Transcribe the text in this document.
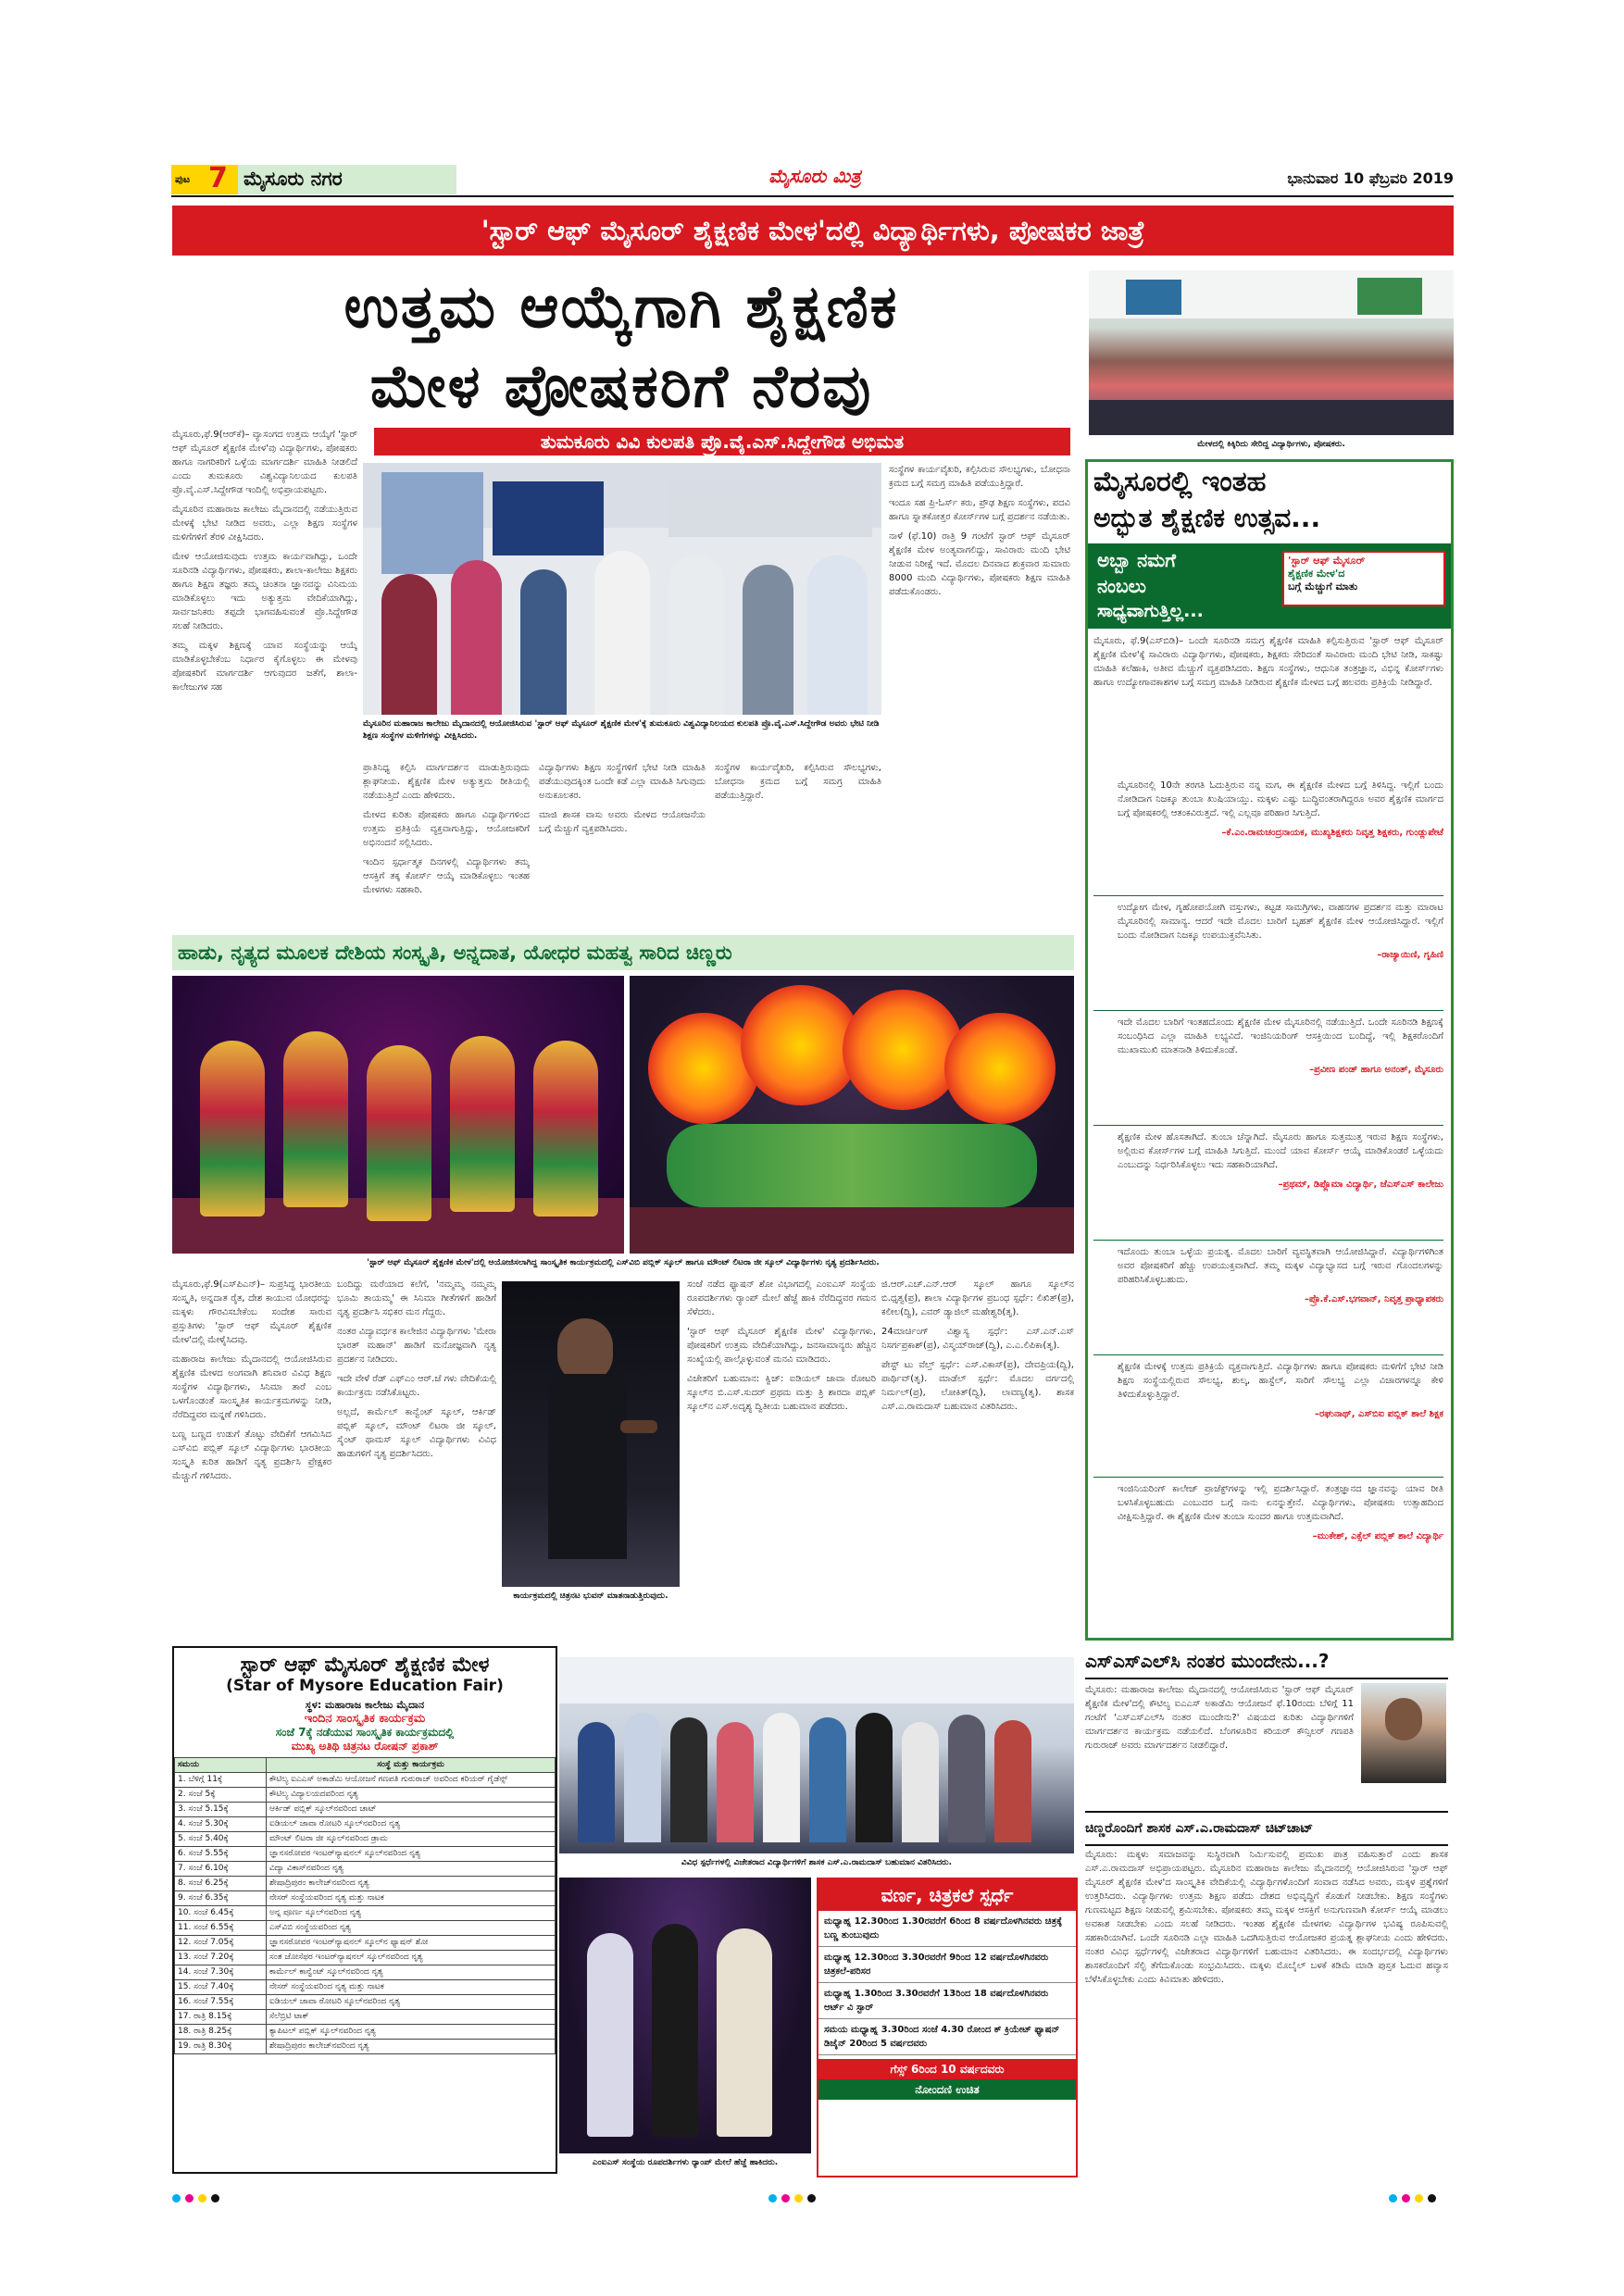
ಪುಟ 7 ಮೈಸೂರು ನಗರ	ಮೈಸೂರು ಮಿತ್ರ	ಭಾನುವಾರ 10 ಫೆಬ್ರವರಿ 2019
'ಸ್ಟಾರ್ ಆಫ್ ಮೈಸೂರ್ ಶೈಕ್ಷಣಿಕ ಮೇಳ'ದಲ್ಲಿ ವಿದ್ಯಾರ್ಥಿಗಳು, ಪೋಷಕರ ಜಾತ್ರೆ
ಉತ್ತಮ ಆಯ್ಕೆಗಾಗಿ ಶೈಕ್ಷಣಿಕ
ಮೇಳ ಪೋಷಕರಿಗೆ ನೆರವು
ಮೇಳದಲ್ಲಿ ಕಿಕ್ಕಿರಿದು ಸೇರಿದ್ದ ವಿದ್ಯಾರ್ಥಿಗಳು, ಪೋಷಕರು.
ತುಮಕೂರು ವಿವಿ ಕುಲಪತಿ ಪ್ರೊ.ವೈ.ಎಸ್.ಸಿದ್ದೇಗೌಡ ಅಭಿಮತ

ಮೈಸೂರು,ಫೆ.9(ಆರ್‌ಕೆ)– ವ್ಯಾಸಂಗದ ಉತ್ತಮ ಆಯ್ಕೆಗೆ 'ಸ್ಟಾರ್ ಆಫ್ ಮೈಸೂರ್ ಶೈಕ್ಷಣಿಕ ಮೇಳ'ವು ವಿದ್ಯಾರ್ಥಿಗಳು, ಪೋಷಕರು ಹಾಗೂ ನಾಗರಿಕರಿಗೆ ಒಳ್ಳೆಯ ಮಾರ್ಗದರ್ಶಿ ಮಾಹಿತಿ ನೀಡಲಿದೆ ಎಂದು ತುಮಕೂರು ವಿಶ್ವವಿದ್ಯಾನಿಲಯದ ಕುಲಪತಿ ಪ್ರೊ.ವೈ.ಎಸ್.ಸಿದ್ದೇಗೌಡ ಇಂದಿಲ್ಲಿ ಅಭಿಪ್ರಾಯಪಟ್ಟರು.

ಮೈಸೂರಿನ ಮಹಾರಾಜ ಕಾಲೇಜು ಮೈದಾನದಲ್ಲಿ ನಡೆಯುತ್ತಿರುವ ಮೇಳಕ್ಕೆ ಭೇಟಿ ನೀಡಿದ ಅವರು, ಎಲ್ಲಾ ಶಿಕ್ಷಣ ಸಂಸ್ಥೆಗಳ ಮಳಿಗೆಗಳಿಗೆ ತೆರಳಿ ವೀಕ್ಷಿಸಿದರು.

ಮೇಳ ಆಯೋಜಿಸುವುದು ಉತ್ತಮ ಕಾರ್ಯವಾಗಿದ್ದು, ಒಂದೇ ಸೂರಿನಡಿ ವಿದ್ಯಾರ್ಥಿಗಳು, ಪೋಷಕರು, ಶಾಲಾ-ಕಾಲೇಜು ಶಿಕ್ಷಕರು ಹಾಗೂ ಶಿಕ್ಷಣ ತಜ್ಞರು ತಮ್ಮ ಚಿಂತನಾ ಜ್ಞಾನವನ್ನು ವಿನಿಮಯ ಮಾಡಿಕೊಳ್ಳಲು ಇದು ಅತ್ಯುತ್ತಮ ವೇದಿಕೆಯಾಗಿದ್ದು, ಸಾರ್ವಜನಿಕರು ತಪ್ಪದೇ ಭಾಗವಹಿಸುವಂತೆ ಪ್ರೊ.ಸಿದ್ದೇಗೌಡ ಸಲಹೆ ನೀಡಿದರು.

ತಮ್ಮ ಮಕ್ಕಳ ಶಿಕ್ಷಣಕ್ಕೆ ಯಾವ ಸಂಸ್ಥೆಯನ್ನು ಆಯ್ಕೆ ಮಾಡಿಕೊಳ್ಳಬೇಕೆಂಬ ನಿರ್ಧಾರ ಕೈಗೊಳ್ಳಲು ಈ ಮೇಳವು ಪೋಷಕರಿಗೆ ಮಾರ್ಗದರ್ಶಿ ಆಗುವುದರ ಜತೆಗೆ, ಶಾಲಾ-ಕಾಲೇಜುಗಳ ಸಹ

ಮೈಸೂರಿನ ಮಹಾರಾಜ ಕಾಲೇಜು ಮೈದಾನದಲ್ಲಿ ಆಯೋಜಿಸಿರುವ 'ಸ್ಟಾರ್ ಆಫ್ ಮೈಸೂರ್ ಶೈಕ್ಷಣಿಕ ಮೇಳ'ಕ್ಕೆ ತುಮಕೂರು ವಿಶ್ವವಿದ್ಯಾನಿಲಯದ ಕುಲಪತಿ ಪ್ರೊ.ವೈ.ಎಸ್.ಸಿದ್ದೇಗೌಡ ಅವರು ಭೇಟಿ ನೀಡಿ ಶಿಕ್ಷಣ ಸಂಸ್ಥೆಗಳ ಮಳಿಗೆಗಳನ್ನು ವೀಕ್ಷಿಸಿದರು.

ಪ್ರಾತಿನಿಧ್ಯ ಕಲ್ಪಿಸಿ ಮಾರ್ಗದರ್ಶನ ಮಾಡುತ್ತಿರುವುದು ಶ್ಲಾಘನೀಯ. ಶೈಕ್ಷಣಿಕ ಮೇಳ ಅತ್ಯುತ್ತಮ ರೀತಿಯಲ್ಲಿ ನಡೆಯುತ್ತಿದೆ ಎಂದು ಹೇಳಿದರು.

ಮೇಳದ ಕುರಿತು ಪೋಷಕರು ಹಾಗೂ ವಿದ್ಯಾರ್ಥಿಗಳಿಂದ ಉತ್ತಮ ಪ್ರತಿಕ್ರಿಯೆ ವ್ಯಕ್ತವಾಗುತ್ತಿದ್ದು, ಆಯೋಜಕರಿಗೆ ಅಭಿನಂದನೆ ಸಲ್ಲಿಸಿದರು.

ಇಂದಿನ ಸ್ಪರ್ಧಾತ್ಮಕ ದಿನಗಳಲ್ಲಿ ವಿದ್ಯಾರ್ಥಿಗಳು ತಮ್ಮ ಆಸಕ್ತಿಗೆ ತಕ್ಕ ಕೋರ್ಸ್ ಆಯ್ಕೆ ಮಾಡಿಕೊಳ್ಳಲು ಇಂತಹ ಮೇಳಗಳು ಸಹಕಾರಿ.

ವಿದ್ಯಾರ್ಥಿಗಳು ಶಿಕ್ಷಣ ಸಂಸ್ಥೆಗಳಿಗೆ ಭೇಟಿ ನೀಡಿ ಮಾಹಿತಿ ಪಡೆಯುವುದಕ್ಕಿಂತ ಒಂದೇ ಕಡೆ ಎಲ್ಲಾ ಮಾಹಿತಿ ಸಿಗುವುದು ಅನುಕೂಲಕರ.

ಮಾಜಿ ಶಾಸಕ ವಾಸು ಅವರು ಮೇಳದ ಆಯೋಜನೆಯ ಬಗ್ಗೆ ಮೆಚ್ಚುಗೆ ವ್ಯಕ್ತಪಡಿಸಿದರು.

ಸಂಸ್ಥೆಗಳ ಕಾರ್ಯವೈಖರಿ, ಕಲ್ಪಿಸಿರುವ ಸೌಲಭ್ಯಗಳು, ಬೋಧನಾ ಕ್ರಮದ ಬಗ್ಗೆ ಸಮಗ್ರ ಮಾಹಿತಿ ಪಡೆಯುತ್ತಿದ್ದಾರೆ.

ಸಂಸ್ಥೆಗಳ ಕಾರ್ಯವೈಖರಿ, ಕಲ್ಪಿಸಿರುವ ಸೌಲಭ್ಯಗಳು, ಬೋಧನಾ ಕ್ರಮದ ಬಗ್ಗೆ ಸಮಗ್ರ ಮಾಹಿತಿ ಪಡೆಯುತ್ತಿದ್ದಾರೆ.

ಇಂದೂ ಸಹ ಪ್ರಿ-ಓರ್ಸ್ ಕರು, ಪ್ರೌಢ ಶಿಕ್ಷಣ ಸಂಸ್ಥೆಗಳು, ಪದವಿ ಹಾಗೂ ಸ್ನಾತಕೋತ್ತರ ಕೋರ್ಸ್‌ಗಳ ಬಗ್ಗೆ ಪ್ರದರ್ಶನ ನಡೆಯಿತು.

ನಾಳೆ (ಫೆ.10) ರಾತ್ರಿ 9 ಗಂಟೆಗೆ ಸ್ಟಾರ್ ಆಫ್ ಮೈಸೂರ್ ಶೈಕ್ಷಣಿಕ ಮೇಳ ಅಂತ್ಯವಾಗಲಿದ್ದು, ಸಾವಿರಾರು ಮಂದಿ ಭೇಟಿ ನೀಡುವ ನಿರೀಕ್ಷೆ ಇದೆ. ಮೊದಲ ದಿನವಾದ ಶುಕ್ರವಾರ ಸುಮಾರು 8000 ಮಂದಿ ವಿದ್ಯಾರ್ಥಿಗಳು, ಪೋಷಕರು ಶಿಕ್ಷಣ ಮಾಹಿತಿ ಪಡೆದುಕೊಂಡರು.

ಮೈಸೂರಲ್ಲಿ ಇಂತಹ
ಅದ್ಭುತ ಶೈಕ್ಷಣಿಕ ಉತ್ಸವ...
ಅಬ್ಬಾ ನಮಗೆ
ನಂಬಲು
ಸಾಧ್ಯವಾಗುತ್ತಿಲ್ಲ...
'ಸ್ಟಾರ್ ಆಫ್ ಮೈಸೂರ್
ಶೈಕ್ಷಣಿಕ ಮೇಳ'ದ
ಬಗ್ಗೆ ಮೆಚ್ಚುಗೆ ಮಾತು

ಮೈಸೂರು, ಫೆ.9(ಎಸ್‌ಬಿಡಿ)– ಒಂದೇ ಸೂರಿನಡಿ ಸಮಗ್ರ ಶೈಕ್ಷಣಿಕ ಮಾಹಿತಿ ಕಲ್ಪಿಸುತ್ತಿರುವ 'ಸ್ಟಾರ್ ಆಫ್ ಮೈಸೂರ್ ಶೈಕ್ಷಣಿಕ ಮೇಳ'ಕ್ಕೆ ಸಾವಿರಾರು ವಿದ್ಯಾರ್ಥಿಗಳು, ಪೋಷಕರು, ಶಿಕ್ಷಕರು ಸೇರಿದಂತೆ ಸಾವಿರಾರು ಮಂದಿ ಭೇಟಿ ನೀಡಿ, ಸಾಕಷ್ಟು ಮಾಹಿತಿ ಕಲೆಹಾಕಿ, ಅತೀವ ಮೆಚ್ಚುಗೆ ವ್ಯಕ್ತಪಡಿಸಿದರು. ಶಿಕ್ಷಣ ಸಂಸ್ಥೆಗಳು, ಆಧುನಿಕ ತಂತ್ರಜ್ಞಾನ, ವಿಭಿನ್ನ ಕೋರ್ಸ್‌ಗಳು ಹಾಗೂ ಉದ್ಯೋಗಾವಕಾಶಗಳ ಬಗ್ಗೆ ಸಮಗ್ರ ಮಾಹಿತಿ ನೀಡಿರುವ ಶೈಕ್ಷಣಿಕ ಮೇಳದ ಬಗ್ಗೆ ಹಲವರು ಪ್ರತಿಕ್ರಿಯೆ ನೀಡಿದ್ದಾರೆ.

ಮೈಸೂರಿನಲ್ಲಿ 10ನೇ ತರಗತಿ ಓದುತ್ತಿರುವ ನನ್ನ ಮಗ, ಈ ಶೈಕ್ಷಣಿಕ ಮೇಳದ ಬಗ್ಗೆ ತಿಳಿಸಿದ್ದ. ಇಲ್ಲಿಗೆ ಬಂದು ನೋಡಿದಾಗ ನಿಜಕ್ಕೂ ತುಂಬಾ ಖುಷಿಯಾಯ್ತು. ಮಕ್ಕಳು ಎಷ್ಟು ಬುದ್ಧಿವಂತರಾಗಿದ್ದರೂ ಅವರ ಶೈಕ್ಷಣಿಕ ಮಾರ್ಗದ ಬಗ್ಗೆ ಪೋಷಕರಲ್ಲಿ ಆತಂಕವಿರುತ್ತದೆ. ಇಲ್ಲಿ ಎಲ್ಲವೂ ಪರಿಹಾರ ಸಿಗುತ್ತಿದೆ.

–ಕೆ.ಎಂ.ರಾಮಚಂದ್ರನಾಯಕ, ಮುಖ್ಯಶಿಕ್ಷಕರು ನಿವೃತ್ತ ಶಿಕ್ಷಕರು, ಗುಂಡ್ಲುಪೇಟೆ

ಉದ್ಯೋಗ ಮೇಳ, ಗೃಹೋಪಯೋಗಿ ವಸ್ತುಗಳು, ಕಟ್ಟಡ ಸಾಮಗ್ರಿಗಳು, ವಾಹನಗಳ ಪ್ರದರ್ಶನ ಮತ್ತು ಮಾರಾಟ ಮೈಸೂರಿನಲ್ಲಿ ಸಾಮಾನ್ಯ. ಆದರೆ ಇದೇ ಮೊದಲ ಬಾರಿಗೆ ಬೃಹತ್ ಶೈಕ್ಷಣಿಕ ಮೇಳ ಆಯೋಜಿಸಿದ್ದಾರೆ. ಇಲ್ಲಿಗೆ ಬಂದು ನೋಡಿದಾಗ ನಿಜಕ್ಕೂ ಉಪಯುಕ್ತವೆನಿಸಿತು.

–ರಾಜ್ಯಾಯಿಣಿ, ಗೃಹಿಣಿ

ಇದೇ ಮೊದಲ ಬಾರಿಗೆ ಇಂತಹದೊಂದು ಶೈಕ್ಷಣಿಕ ಮೇಳ ಮೈಸೂರಿನಲ್ಲಿ ನಡೆಯುತ್ತಿದೆ. ಒಂದೇ ಸೂರಿನಡಿ ಶಿಕ್ಷಣಕ್ಕೆ ಸಂಬಂಧಿಸಿದ ಎಲ್ಲಾ ಮಾಹಿತಿ ಲಭ್ಯವಿದೆ. ಇಂಜಿನಿಯರಿಂಗ್ ಆಸಕ್ತಿಯಿಂದ ಬಂದಿದ್ದೆ, ಇಲ್ಲಿ ಶಿಕ್ಷಕರೊಂದಿಗೆ ಮುಖಾಮುಖಿ ಮಾತನಾಡಿ ತಿಳಿದುಕೊಂಡೆ.

–ಪ್ರವೀಣ ಪಂಡ್ ಹಾಗೂ ಅನಂತ್, ಮೈಸೂರು

ಶೈಕ್ಷಣಿಕ ಮೇಳ ಹೊಸತಾಗಿದೆ. ತುಂಬಾ ಚೆನ್ನಾಗಿದೆ. ಮೈಸೂರು ಹಾಗೂ ಸುತ್ತಮುತ್ತ ಇರುವ ಶಿಕ್ಷಣ ಸಂಸ್ಥೆಗಳು, ಅಲ್ಲಿರುವ ಕೋರ್ಸ್‌ಗಳ ಬಗ್ಗೆ ಮಾಹಿತಿ ಸಿಗುತ್ತಿದೆ. ಮುಂದೆ ಯಾವ ಕೋರ್ಸ್ ಆಯ್ಕೆ ಮಾಡಿಕೊಂಡರೆ ಒಳ್ಳೆಯದು ಎಂಬುದನ್ನು ನಿರ್ಧರಿಸಿಕೊಳ್ಳಲು ಇದು ಸಹಕಾರಿಯಾಗಿದೆ.

–ಪ್ರಥಮ್, ಡಿಪ್ಲೊಮಾ ವಿದ್ಯಾರ್ಥಿ, ಜೆಎಸ್ಎಸ್ ಕಾಲೇಜು

ಇದೊಂದು ತುಂಬಾ ಒಳ್ಳೆಯ ಪ್ರಯತ್ನ. ಮೊದಲ ಬಾರಿಗೆ ವ್ಯವಸ್ಥಿತವಾಗಿ ಆಯೋಜಿಸಿದ್ದಾರೆ. ವಿದ್ಯಾರ್ಥಿಗಳಿಗಿಂತ ಅವರ ಪೋಷಕರಿಗೆ ಹೆಚ್ಚು ಉಪಯುಕ್ತವಾಗಿದೆ. ತಮ್ಮ ಮಕ್ಕಳ ವಿದ್ಯಾಭ್ಯಾಸದ ಬಗ್ಗೆ ಇರುವ ಗೊಂದಲಗಳನ್ನು ಪರಿಹರಿಸಿಕೊಳ್ಳಬಹುದು.

–ಪ್ರೊ.ಕೆ.ಎಸ್.ಭಗವಾನ್, ನಿವೃತ್ತ ಪ್ರಾಧ್ಯಾಪಕರು

ಶೈಕ್ಷಣಿಕ ಮೇಳಕ್ಕೆ ಉತ್ತಮ ಪ್ರತಿಕ್ರಿಯೆ ವ್ಯಕ್ತವಾಗುತ್ತಿದೆ. ವಿದ್ಯಾರ್ಥಿಗಳು ಹಾಗೂ ಪೋಷಕರು ಮಳಿಗೆಗೆ ಭೇಟಿ ನೀಡಿ ಶಿಕ್ಷಣ ಸಂಸ್ಥೆಯಲ್ಲಿರುವ ಸೌಲಭ್ಯ, ಶುಲ್ಕ, ಹಾಸ್ಟೆಲ್, ಸಾರಿಗೆ ಸೌಲಭ್ಯ ಎಲ್ಲಾ ವಿಚಾರಗಳನ್ನೂ ಕೇಳಿ ತಿಳಿದುಕೊಳ್ಳುತ್ತಿದ್ದಾರೆ.

–ರಘುನಾಥ್, ಎಸ್‌ಬಿಐ ಪಬ್ಲಿಕ್ ಶಾಲೆ ಶಿಕ್ಷಕ

ಇಂಜಿನಿಯರಿಂಗ್ ಕಾಲೇಜ್ ಪ್ರಾಜೆಕ್ಟ್‌ಗಳನ್ನು ಇಲ್ಲಿ ಪ್ರದರ್ಶಿಸಿದ್ದಾರೆ. ತಂತ್ರಜ್ಞಾನದ ಜ್ಞಾನವನ್ನು ಯಾವ ರೀತಿ ಬಳಸಿಕೊಳ್ಳಬಹುದು ಎಂಬುದರ ಬಗ್ಗೆ ನಾನು ಏನನ್ನುತ್ತೇನೆ. ವಿದ್ಯಾರ್ಥಿಗಳು, ಪೋಷಕರು ಉತ್ಸಾಹದಿಂದ ವೀಕ್ಷಿಸುತ್ತಿದ್ದಾರೆ. ಈ ಶೈಕ್ಷಣಿಕ ಮೇಳ ತುಂಬಾ ಸುಂದರ ಹಾಗೂ ಉತ್ತಮವಾಗಿದೆ.

–ಮುಕೇಶ್, ಎಕ್ಸೆಲ್ ಪಬ್ಲಿಕ್ ಶಾಲೆ ವಿದ್ಯಾರ್ಥಿ

ಹಾಡು, ನೃತ್ಯದ ಮೂಲಕ ದೇಶಿಯ ಸಂಸ್ಕೃತಿ, ಅನ್ನದಾತ, ಯೋಧರ ಮಹತ್ವ ಸಾರಿದ ಚಿಣ್ಣರು
'ಸ್ಟಾರ್ ಆಫ್ ಮೈಸೂರ್ ಶೈಕ್ಷಣಿಕ ಮೇಳ'ದಲ್ಲಿ ಆಯೋಜಿಸಲಾಗಿದ್ದ ಸಾಂಸ್ಕೃತಿಕ ಕಾರ್ಯಕ್ರಮದಲ್ಲಿ ಎಸ್‌ವಿಬಿ ಪಬ್ಲಿಕ್ ಸ್ಕೂಲ್ ಹಾಗೂ ಮೌಂಟ್ ಲಿಟರಾ ಜೀ ಸ್ಕೂಲ್ ವಿದ್ಯಾರ್ಥಿಗಳು ನೃತ್ಯ ಪ್ರದರ್ಶಿಸಿದರು.

ಮೈಸೂರು,ಫೆ.9(ಎಸ್‌ಪಿಎನ್)– ಸುಪ್ರಸಿದ್ಧ ಭಾರತೀಯ ಸಂಸ್ಕೃತಿ, ಅನ್ನದಾತ ರೈತ, ದೇಶ ಕಾಯುವ ಯೋಧರನ್ನು ಮಕ್ಕಳು ಗೌರವಿಸಬೇಕೆಂಬ ಸಂದೇಶ ಸಾರುವ ಪ್ರಸ್ತುತಿಗಳು 'ಸ್ಟಾರ್ ಆಫ್ ಮೈಸೂರ್ ಶೈಕ್ಷಣಿಕ ಮೇಳ'ದಲ್ಲಿ ಮೇಳೈಸಿದವು.

ಮಹಾರಾಜ ಕಾಲೇಜು ಮೈದಾನದಲ್ಲಿ ಆಯೋಜಿಸಿರುವ ಶೈಕ್ಷಣಿಕ ಮೇಳದ ಅಂಗವಾಗಿ ಶನಿವಾರ ವಿವಿಧ ಶಿಕ್ಷಣ ಸಂಸ್ಥೆಗಳ ವಿದ್ಯಾರ್ಥಿಗಳು, ಸಿನಿಮಾ ತಾರೆ ಎಂಬ ಒಳಗೊಂಡಂತೆ ಸಾಂಸ್ಕೃತಿಕ ಕಾರ್ಯಕ್ರಮಗಳನ್ನು ನೀಡಿ, ನೆರೆದಿದ್ದವರ ಮನ್ನಣೆ ಗಳಿಸಿದರು.

ಬಣ್ಣ ಬಣ್ಣದ ಉಡುಗೆ ತೊಟ್ಟು ವೇದಿಕೆಗೆ ಆಗಮಿಸಿದ ಎಸ್‌ವಿಬಿ ಪಬ್ಲಿಕ್ ಸ್ಕೂಲ್ ವಿದ್ಯಾರ್ಥಿಗಳು ಭಾರತೀಯ ಸಂಸ್ಕೃತಿ ಕುರಿತ ಹಾಡಿಗೆ ನೃತ್ಯ ಪ್ರದರ್ಶಿಸಿ ಪ್ರೇಕ್ಷಕರ ಮೆಚ್ಚುಗೆ ಗಳಿಸಿದರು.

ಬಂದಿದ್ದು ಮರೆಯಾದ ಕಲೆಗೆ, 'ನಮ್ಮಮ್ಮ ನಮ್ಮಮ್ಮ ಭೂಮಿ ತಾಯಮ್ಮ' ಈ ಸಿನಿಮಾ ಗೀತೆಗಳಿಗೆ ಹಾಡಿಗೆ ನೃತ್ಯ ಪ್ರದರ್ಶಿಸಿ ಸಭಿಕರ ಮನ ಗೆದ್ದರು.

ನಂತರ ವಿದ್ಯಾವರ್ಧಕ ಕಾಲೇಜಿನ ವಿದ್ಯಾರ್ಥಿಗಳು 'ಮೇರಾ ಭಾರತ್ ಮಹಾನ್' ಹಾಡಿಗೆ ಮನೋಜ್ಞವಾಗಿ ನೃತ್ಯ ಪ್ರದರ್ಶನ ನೀಡಿದರು.

ಇದೇ ವೇಳೆ ರೆಡ್ ಎಫ್‌ಎಂ ಆರ್.ಜೆ ಗಳು ವೇದಿಕೆಯಲ್ಲಿ ಕಾರ್ಯಕ್ರಮ ನಡೆಸಿಕೊಟ್ಟರು.

ಅಲ್ಲದೆ, ಕಾರ್ಮೆಲ್ ಕಾನ್ವೆಂಟ್ ಸ್ಕೂಲ್, ಆರ್ಕಿಡ್ ಪಬ್ಲಿಕ್ ಸ್ಕೂಲ್, ಮೌಂಟ್ ಲಿಟರಾ ಜೀ ಸ್ಕೂಲ್, ಸೈಂಟ್ ಥಾಮಸ್ ಸ್ಕೂಲ್ ವಿದ್ಯಾರ್ಥಿಗಳು ವಿವಿಧ ಹಾಡುಗಳಿಗೆ ನೃತ್ಯ ಪ್ರದರ್ಶಿಸಿದರು.

ಕಾರ್ಯಕ್ರಮದಲ್ಲಿ ಚಿತ್ರನಟ ಭುವನ್ ಮಾತನಾಡುತ್ತಿರುವುದು.

ಸಂಜೆ ನಡೆದ ಫ್ಯಾಷನ್ ಶೋ ವಿಭಾಗದಲ್ಲಿ ಎಂಐಎಸ್ ಸಂಸ್ಥೆಯ ರೂಪದರ್ಶಿಗಳು ರ‍್ಯಾಂಪ್ ಮೇಲೆ ಹೆಜ್ಜೆ ಹಾಕಿ ನೆರೆದಿದ್ದವರ ಗಮನ ಸೆಳೆದರು.

'ಸ್ಟಾರ್ ಆಫ್ ಮೈಸೂರ್ ಶೈಕ್ಷಣಿಕ ಮೇಳ' ವಿದ್ಯಾರ್ಥಿಗಳು, ಪೋಷಕರಿಗೆ ಉತ್ತಮ ವೇದಿಕೆಯಾಗಿದ್ದು, ಜನಸಾಮಾನ್ಯರು ಹೆಚ್ಚಿನ ಸಂಖ್ಯೆಯಲ್ಲಿ ಪಾಲ್ಗೊಳ್ಳುವಂತೆ ಮನವಿ ಮಾಡಿದರು.

ವಿಜೇತರಿಗೆ ಬಹುಮಾನ: ಕ್ವಿಜ್: ಐಡಿಯಲ್ ಜಾವಾ ರೋಟರಿ ಸ್ಕೂಲ್‌ನ ಬಿ.ಎಸ್.ಸುದರ್ ಪ್ರಥಮ ಮತ್ತು ತ್ರಿ ಶಾರದಾ ಪಬ್ಲಿಕ್ ಸ್ಕೂಲ್‌ನ ಎಸ್.ಅದೃಶ್ಯ ದ್ವಿತೀಯ ಬಹುಮಾನ ಪಡೆದರು.

ಜಿ.ಆರ್.ಎಚ್.ಎನ್.ಆರ್ ಸ್ಕೂಲ್ ಹಾಗೂ ಸ್ಕೂಲ್‌ನ ಬಿ.ಧೃತ್ವ(ಪ್ರ), ಶಾಲಾ ವಿದ್ಯಾರ್ಥಿಗಳ ಪ್ರಬಂಧ ಸ್ಪರ್ಧೆ: ಲಿಖಿತ್(ಪ್ರ), ಕಲೀಲ(ದ್ವಿ), ಎವರ್ ಡ್ಯಾಜಿಲ್ ಮಹೇಶ್ವರಿ(ತೃ).

24ಮಾರ್ಚಿಂಗ್ ವಿಶ್ವಾಸ್ಯ ಸ್ಪರ್ಧೆ: ಎಸ್.ಎನ್.ಎಸ್ ನಿಸರ್ಗಪ್ರಕಾಶ್(ಪ್ರ), ವಿಸ್ಮಯ್‌ರಾಜ್(ದ್ವಿ), ಎ.ಎ.ಲಿಪಿಕಾ(ತೃ).

ಪೇಸ್ಟ್ ಟು ವೆಲ್ತ್ ಸ್ಪರ್ಧೆ: ಎಸ್.ವಿಕಾಸ್(ಪ್ರ), ದೇವಪ್ರಿಯ(ದ್ವಿ), ಪಾರ್ಥಿವ್(ತೃ). ಮಾಡೆಲ್ ಸ್ಪರ್ಧೆ: ಮೊದಲ ವರ್ಗದಲ್ಲಿ ನಿರ್ಮಲ್(ಪ್ರ), ಲೋಕಿತ್(ದ್ವಿ), ಲಾವಣ್ಯ(ತೃ). ಶಾಸಕ ಎಸ್.ಎ.ರಾಮದಾಸ್ ಬಹುಮಾನ ವಿತರಿಸಿದರು.

ಸ್ಟಾರ್ ಆಫ್ ಮೈಸೂರ್ ಶೈಕ್ಷಣಿಕ ಮೇಳ
(Star of Mysore Education Fair)
ಸ್ಥಳ: ಮಹಾರಾಜ ಕಾಲೇಜು ಮೈದಾನ
ಇಂದಿನ ಸಾಂಸ್ಕೃತಿಕ ಕಾರ್ಯಕ್ರಮ
ಸಂಜೆ 7ಕ್ಕೆ ನಡೆಯುವ ಸಾಂಸ್ಕೃತಿಕ ಕಾರ್ಯಕ್ರಮದಲ್ಲಿ
ಮುಖ್ಯ ಅತಿಥಿ ಚಿತ್ರನಟ ರೋಷನ್ ಪ್ರಕಾಶ್
ಸಮಯ	ಸಂಸ್ಥೆ ಮತ್ತು ಕಾರ್ಯಕ್ರಮ
1. ಬೆಳಿಗ್ಗೆ 11ಕ್ಕೆ	ಕೌಟಿಲ್ಯ ಐಎಎಸ್ ಅಕಾಡೆಮಿ ಆಯೋಜನೆ ಗಣಪತಿ ಗುರುರಾಜ್ ಅವರಿಂದ ಕರಿಯರ್ ಗೈಡೆನ್ಸ್
2. ಸಂಜೆ 5ಕ್ಕೆ	ಕೌಟಿಲ್ಯ ವಿದ್ಯಾಲಯದವರಿಂದ ನೃತ್ಯ
3. ಸಂಜೆ 5.15ಕ್ಕೆ	ಆರ್ಕಿಡ್ ಪಬ್ಲಿಕ್ ಸ್ಕೂಲ್‌ನವರಿಂದ ಚಾಟ್
4. ಸಂಜೆ 5.30ಕ್ಕೆ	ಐಡಿಯಲ್ ಜಾವಾ ರೋಟರಿ ಸ್ಕೂಲ್‌ನವರಿಂದ ನೃತ್ಯ
5. ಸಂಜೆ 5.40ಕ್ಕೆ	ಮೌಂಟ್ ಲಿಟರಾ ಜೀ ಸ್ಕೂಲ್‌ನವರಿಂದ ಡ್ರಾಮ
6. ಸಂಜೆ 5.55ಕ್ಕೆ	ಜ್ಞಾನಸರೋವರ ಇಂಟರ್‌ನ್ಯಾಷನಲ್ ಸ್ಕೂಲ್‌ನವರಿಂದ ನೃತ್ಯ
7. ಸಂಜೆ 6.10ಕ್ಕೆ	ವಿದ್ಯಾ ವಿಕಾಸ್‌ನವರಿಂದ ನೃತ್ಯ
8. ಸಂಜೆ 6.25ಕ್ಕೆ	ಶೇಷಾದ್ರಿಪುರಂ ಕಾಲೇಜ್‌ನವರಿಂದ ನೃತ್ಯ
9. ಸಂಜೆ 6.35ಕ್ಕೆ	ನೇಸರ್ ಸಂಸ್ಥೆಯವರಿಂದ ನೃತ್ಯ ಮತ್ತು ನಾಟಕ
10. ಸಂಜೆ 6.45ಕ್ಕೆ	ಅನ್ನ ಪೂರ್ಣ ಸ್ಕೂಲ್‌ನವರಿಂದ ನೃತ್ಯ
11. ಸಂಜೆ 6.55ಕ್ಕೆ	ಎಸ್‌ವಿಬಿ ಸಂಸ್ಥೆಯವರಿಂದ ನೃತ್ಯ
12. ಸಂಜೆ 7.05ಕ್ಕೆ	ಜ್ಞಾನಸರೋವರ ಇಂಟರ್‌ನ್ಯಾಷನಲ್ ಸ್ಕೂಲ್‌ನ ಫ್ಯಾಷನ್ ಶೋ
13. ಸಂಜೆ 7.20ಕ್ಕೆ	ಸಂತ ಜೋಸೆಫರ ಇಂಟರ್‌ನ್ಯಾಷನಲ್ ಸ್ಕೂಲ್‌ನವರಿಂದ ನೃತ್ಯ
14. ಸಂಜೆ 7.30ಕ್ಕೆ	ಕಾರ್ಮೆಲ್ ಕಾನ್ವೆಂಟ್ ಸ್ಕೂಲ್‌ನವರಿಂದ ನೃತ್ಯ
15. ಸಂಜೆ 7.40ಕ್ಕೆ	ನೇಸರ್ ಸಂಸ್ಥೆಯವರಿಂದ ನೃತ್ಯ ಮತ್ತು ನಾಟಕ
16. ಸಂಜೆ 7.55ಕ್ಕೆ	ಐಡಿಯಲ್ ಜಾವಾ ರೋಟರಿ ಸ್ಕೂಲ್‌ನವರಿಂದ ನೃತ್ಯ
17. ರಾತ್ರಿ 8.15ಕ್ಕೆ	ಸೆಲೆಬ್ರಿಟಿ ಟಾಕ್
18. ರಾತ್ರಿ 8.25ಕ್ಕೆ	ಕ್ಯಾಪಿಟಲ್ ಪಬ್ಲಿಕ್ ಸ್ಕೂಲ್‌ನವರಿಂದ ನೃತ್ಯ
19. ರಾತ್ರಿ 8.30ಕ್ಕೆ	ಶೇಷಾದ್ರಿಪುರಂ ಕಾಲೇಜ್‌ನವರಿಂದ ನೃತ್ಯ
ವಿವಿಧ ಸ್ಪರ್ಧೆಗಳಲ್ಲಿ ವಿಜೇತರಾದ ವಿದ್ಯಾರ್ಥಿಗಳಿಗೆ ಶಾಸಕ ಎಸ್.ಎ.ರಾಮದಾಸ್ ಬಹುಮಾನ ವಿತರಿಸಿದರು.
ಎಂಐಎಸ್ ಸಂಸ್ಥೆಯ ರೂಪದರ್ಶಿಗಳು ರ‍್ಯಾಂಪ್ ಮೇಲೆ ಹೆಜ್ಜೆ ಹಾಕಿದರು.
ವರ್ಣ, ಚಿತ್ರಕಲೆ ಸ್ಪರ್ಧೆ
ಮಧ್ಯಾಹ್ನ 12.30ರಿಂದ 1.30ರವರೆಗೆ 6ರಿಂದ 8 ವರ್ಷದೊಳಗಿನವರು ಚಿತ್ರಕ್ಕೆ ಬಣ್ಣ ತುಂಬುವುದು
ಮಧ್ಯಾಹ್ನ 12.30ರಿಂದ 3.30ರವರೆಗೆ 9ರಿಂದ 12 ವರ್ಷದೊಳಗಿನವರು ಚಿತ್ರಕಲೆ-ಪರಿಸರ
ಮಧ್ಯಾಹ್ನ 1.30ರಿಂದ 3.30ರವರೆಗೆ 13ರಿಂದ 18 ವರ್ಷದೊಳಗಿನವರು ಆರ್ಟ್ ವಿ ಸ್ಟಾರ್
ಸಮಯ ಮಧ್ಯಾಹ್ನ 3.30ರಿಂದ ಸಂಜೆ 4.30 ರೋಂದ ಕ್ ಕ್ರಿಯೇಟ್ ಫ್ಯಾಷನ್ ಡಿಜೈನ್ 20ರಿಂದ 5 ವರ್ಷದವರು
ಗೆಸ್ಸ್ 6ರಿಂದ 10 ವರ್ಷದವರು
ನೋಂದಣಿ ಉಚಿತ
ಎಸ್‌ಎಸ್‌ಎಲ್‌ಸಿ ನಂತರ ಮುಂದೇನು...?

ಮೈಸೂರು: ಮಹಾರಾಜ ಕಾಲೇಜು ಮೈದಾನದಲ್ಲಿ ಆಯೋಜಿಸಿರುವ 'ಸ್ಟಾರ್ ಆಫ್ ಮೈಸೂರ್ ಶೈಕ್ಷಣಿಕ ಮೇಳ'ದಲ್ಲಿ ಕೌಟಿಲ್ಯ ಐಎಎಸ್ ಅಕಾಡೆಮಿ ಆಯೋಜನೆ ಫೆ.10ರಂದು ಬೆಳಿಗ್ಗೆ 11 ಗಂಟೆಗೆ 'ಎಸ್‌ಎಸ್‌ಎಲ್‌ಸಿ ನಂತರ ಮುಂದೇನು?' ವಿಷಯದ ಕುರಿತು ವಿದ್ಯಾರ್ಥಿಗಳಿಗೆ ಮಾರ್ಗದರ್ಶನ ಕಾರ್ಯಕ್ರಮ ನಡೆಯಲಿದೆ. ಬೆಂಗಳೂರಿನ ಕರಿಯರ್ ಕೌನ್ಸಿಲರ್ ಗಣಪತಿ ಗುರುರಾಜ್ ಅವರು ಮಾರ್ಗದರ್ಶನ ನೀಡಲಿದ್ದಾರೆ.

ಚಿಣ್ಣರೊಂದಿಗೆ ಶಾಸಕ ಎಸ್.ಎ.ರಾಮದಾಸ್ ಚಿಟ್‌ಚಾಟ್

ಮೈಸೂರು: ಮಕ್ಕಳು ಸಮಾಜವನ್ನು ಸುಸ್ಥಿರವಾಗಿ ನಿರ್ಮಿಸುವಲ್ಲಿ ಪ್ರಮುಖ ಪಾತ್ರ ವಹಿಸುತ್ತಾರೆ ಎಂದು ಶಾಸಕ ಎಸ್.ಎ.ರಾಮದಾಸ್ ಅಭಿಪ್ರಾಯಪಟ್ಟರು. ಮೈಸೂರಿನ ಮಹಾರಾಜ ಕಾಲೇಜು ಮೈದಾನದಲ್ಲಿ ಆಯೋಜಿಸಿರುವ 'ಸ್ಟಾರ್ ಆಫ್ ಮೈಸೂರ್ ಶೈಕ್ಷಣಿಕ ಮೇಳ'ದ ಸಾಂಸ್ಕೃತಿಕ ವೇದಿಕೆಯಲ್ಲಿ ವಿದ್ಯಾರ್ಥಿಗಳೊಂದಿಗೆ ಸಂವಾದ ನಡೆಸಿದ ಅವರು, ಮಕ್ಕಳ ಪ್ರಶ್ನೆಗಳಿಗೆ ಉತ್ತರಿಸಿದರು. ವಿದ್ಯಾರ್ಥಿಗಳು ಉತ್ತಮ ಶಿಕ್ಷಣ ಪಡೆದು ದೇಶದ ಅಭಿವೃದ್ಧಿಗೆ ಕೊಡುಗೆ ನೀಡಬೇಕು. ಶಿಕ್ಷಣ ಸಂಸ್ಥೆಗಳು ಗುಣಮಟ್ಟದ ಶಿಕ್ಷಣ ನೀಡುವಲ್ಲಿ ಶ್ರಮಿಸಬೇಕು. ಪೋಷಕರು ತಮ್ಮ ಮಕ್ಕಳ ಆಸಕ್ತಿಗೆ ಅನುಗುಣವಾಗಿ ಕೋರ್ಸ್ ಆಯ್ಕೆ ಮಾಡಲು ಅವಕಾಶ ನೀಡಬೇಕು ಎಂದು ಸಲಹೆ ನೀಡಿದರು. ಇಂತಹ ಶೈಕ್ಷಣಿಕ ಮೇಳಗಳು ವಿದ್ಯಾರ್ಥಿಗಳ ಭವಿಷ್ಯ ರೂಪಿಸುವಲ್ಲಿ ಸಹಕಾರಿಯಾಗಿವೆ. ಒಂದೇ ಸೂರಿನಡಿ ಎಲ್ಲಾ ಮಾಹಿತಿ ಒದಗಿಸುತ್ತಿರುವ ಆಯೋಜಕರ ಪ್ರಯತ್ನ ಶ್ಲಾಘನೀಯ ಎಂದು ಹೇಳಿದರು. ನಂತರ ವಿವಿಧ ಸ್ಪರ್ಧೆಗಳಲ್ಲಿ ವಿಜೇತರಾದ ವಿದ್ಯಾರ್ಥಿಗಳಿಗೆ ಬಹುಮಾನ ವಿತರಿಸಿದರು. ಈ ಸಂದರ್ಭದಲ್ಲಿ ವಿದ್ಯಾರ್ಥಿಗಳು ಶಾಸಕರೊಂದಿಗೆ ಸೆಲ್ಫಿ ತೆಗೆದುಕೊಂಡು ಸಂಭ್ರಮಿಸಿದರು. ಮಕ್ಕಳು ಮೊಬೈಲ್ ಬಳಕೆ ಕಡಿಮೆ ಮಾಡಿ ಪುಸ್ತಕ ಓದುವ ಹವ್ಯಾಸ ಬೆಳೆಸಿಕೊಳ್ಳಬೇಕು ಎಂದು ಕಿವಿಮಾತು ಹೇಳಿದರು.
